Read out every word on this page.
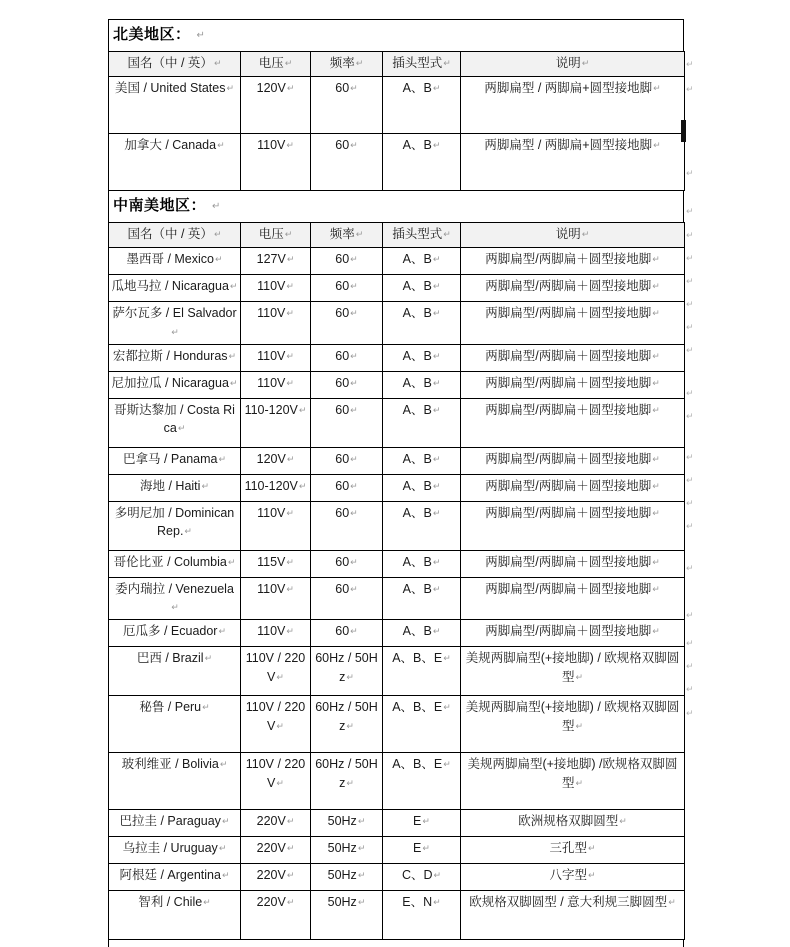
北美地区： ↵
国名（中 / 英）↵	电压↵	频率↵	插头型式↵	说明↵
美国 / United States↵	120V↵	60↵	A、B↵	两脚扁型 / 两脚扁+圆型接地脚↵
加拿大 / Canada↵	110V↵	60↵	A、B↵	两脚扁型 / 两脚扁+圆型接地脚↵
中南美地区： ↵
国名（中 / 英）↵	电压↵	频率↵	插头型式↵	说明↵
墨西哥 / Mexico↵	127V↵	60↵	A、B↵	两脚扁型/两脚扁＋圆型接地脚↵
瓜地马拉 / Nicaragua↵	110V↵	60↵	A、B↵	两脚扁型/两脚扁＋圆型接地脚↵
萨尔瓦多 / El Salvador↵	110V↵	60↵	A、B↵	两脚扁型/两脚扁＋圆型接地脚↵
宏都拉斯 / Honduras↵	110V↵	60↵	A、B↵	两脚扁型/两脚扁＋圆型接地脚↵
尼加拉瓜 / Nicaragua↵	110V↵	60↵	A、B↵	两脚扁型/两脚扁＋圆型接地脚↵
哥斯达黎加 / Costa Rica↵	110-120V↵	60↵	A、B↵	两脚扁型/两脚扁＋圆型接地脚↵
巴拿马 / Panama↵	120V↵	60↵	A、B↵	两脚扁型/两脚扁＋圆型接地脚↵
海地 / Haiti↵	110-120V↵	60↵	A、B↵	两脚扁型/两脚扁＋圆型接地脚↵
多明尼加 / Dominican Rep.↵	110V↵	60↵	A、B↵	两脚扁型/两脚扁＋圆型接地脚↵
哥伦比亚 / Columbia↵	115V↵	60↵	A、B↵	两脚扁型/两脚扁＋圆型接地脚↵
委内瑞拉 / Venezuela↵	110V↵	60↵	A、B↵	两脚扁型/两脚扁＋圆型接地脚↵
厄瓜多 / Ecuador↵	110V↵	60↵	A、B↵	两脚扁型/两脚扁＋圆型接地脚↵
巴西 / Brazil↵	110V / 220V↵	60Hz / 50Hz↵	A、B、E↵	美规两脚扁型(+接地脚) / 欧规格双脚圆型↵
秘鲁 / Peru↵	110V / 220V↵	60Hz / 50Hz↵	A、B、E↵	美规两脚扁型(+接地脚) / 欧规格双脚圆型↵
玻利维亚 / Bolivia↵	110V / 220V↵	60Hz / 50Hz↵	A、B、E↵	美规两脚扁型(+接地脚) /欧规格双脚圆型↵
巴拉圭 / Paraguay↵	220V↵	50Hz↵	E↵	欧洲规格双脚圆型↵
乌拉圭 / Uruguay↵	220V↵	50Hz↵	E↵	三孔型↵
阿根廷 / Argentina↵	220V↵	50Hz↵	C、D↵	八字型↵
智利 / Chile↵	220V↵	50Hz↵	E、N↵	欧规格双脚圆型 / 意大利规三脚圆型↵
↵
↵
↵
↵
↵
↵
↵
↵
↵
↵
↵
↵
↵
↵
↵
↵
↵
↵
↵
↵
↵
↵
